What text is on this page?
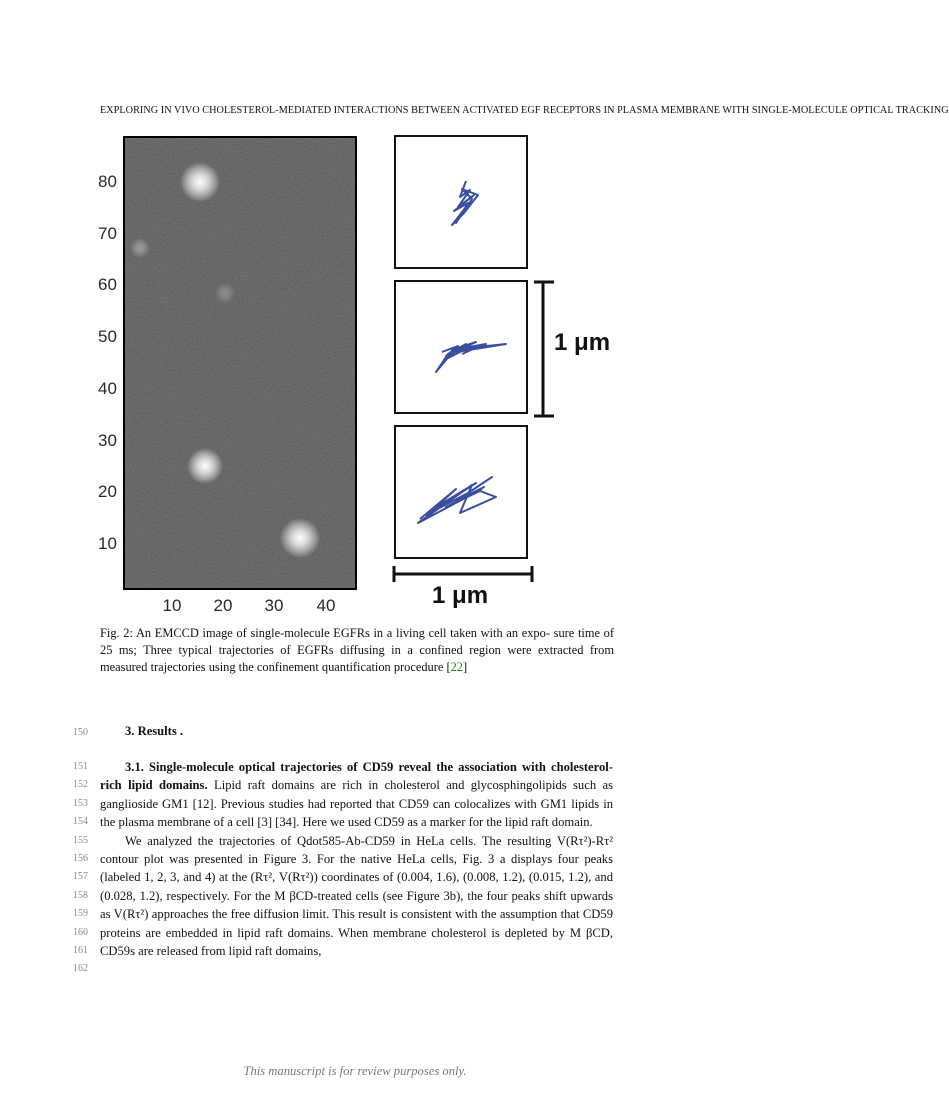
EXPLORING IN VIVO CHOLESTEROL-MEDIATED INTERACTIONS BETWEEN ACTIVATED EGF RECEPTORS IN PLASMA MEMBRANE WITH SINGLE-MOLECULE OPTICAL TRACKING
80
70
60
50
40
30
20
10
10	20	30	40
1 μm
1 μm
Fig. 2: An EMCCD image of single-molecule EGFRs in a living cell taken with an expo- sure time of 25 ms; Three typical trajectories of EGFRs diffusing in a confined region were extracted from measured trajectories using the confinement quantification procedure [22]
150
151
152
153
154
155
156
157
158
159
160
161
162
3. Results .

3.1. Single-molecule optical trajectories of CD59 reveal the association with cholesterol-rich lipid domains. Lipid raft domains are rich in cholesterol and glycosphingolipids such as ganglioside GM1 [12]. Previous studies had reported that CD59 can colocalizes with GM1 lipids in the plasma membrane of a cell [3] [34]. Here we used CD59 as a marker for the lipid raft domain.

We analyzed the trajectories of Qdot585-Ab-CD59 in HeLa cells. The resulting V(Rτ²)-Rτ² contour plot was presented in Figure 3. For the native HeLa cells, Fig. 3 a displays four peaks (labeled 1, 2, 3, and 4) at the (Rτ², V(Rτ²)) coordinates of (0.004, 1.6), (0.008, 1.2), (0.015, 1.2), and (0.028, 1.2), respectively. For the M βCD-treated cells (see Figure 3b), the four peaks shift upwards as V(Rτ²) approaches the free diffusion limit. This result is consistent with the assumption that CD59 proteins are embedded in lipid raft domains. When membrane cholesterol is depleted by M βCD, CD59s are released from lipid raft domains,

This manuscript is for review purposes only.
